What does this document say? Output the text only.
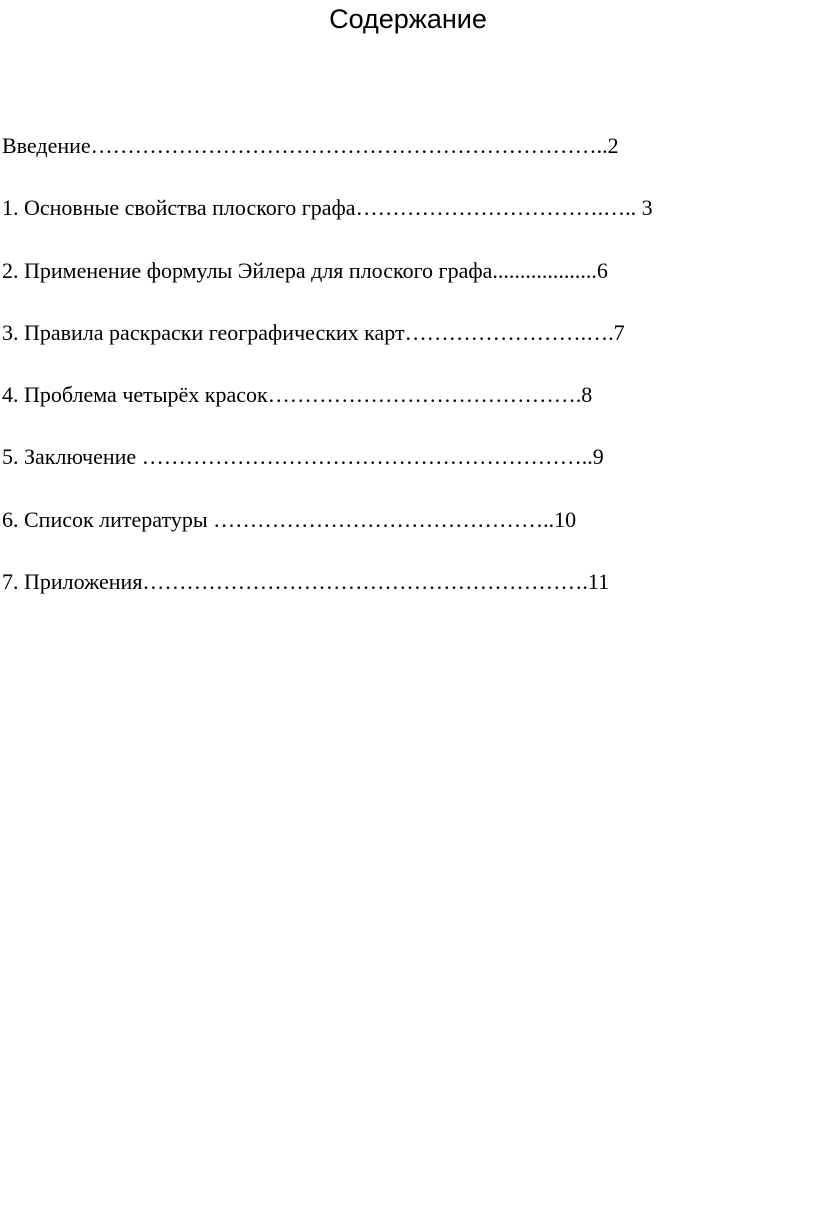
Содержание
Введение……………………………………………………………..2
1. Основные свойства плоского графа…………………………….….. 3
2. Применение формулы Эйлера для плоского графа...................6
3. Правила раскраски географических карт…………………….….7
4. Проблема четырёх красок…………………………………….8
5. Заключение ……………………………………………………..9
6. Список литературы ………………………………………..10
7. Приложения…………………………………………………….11
